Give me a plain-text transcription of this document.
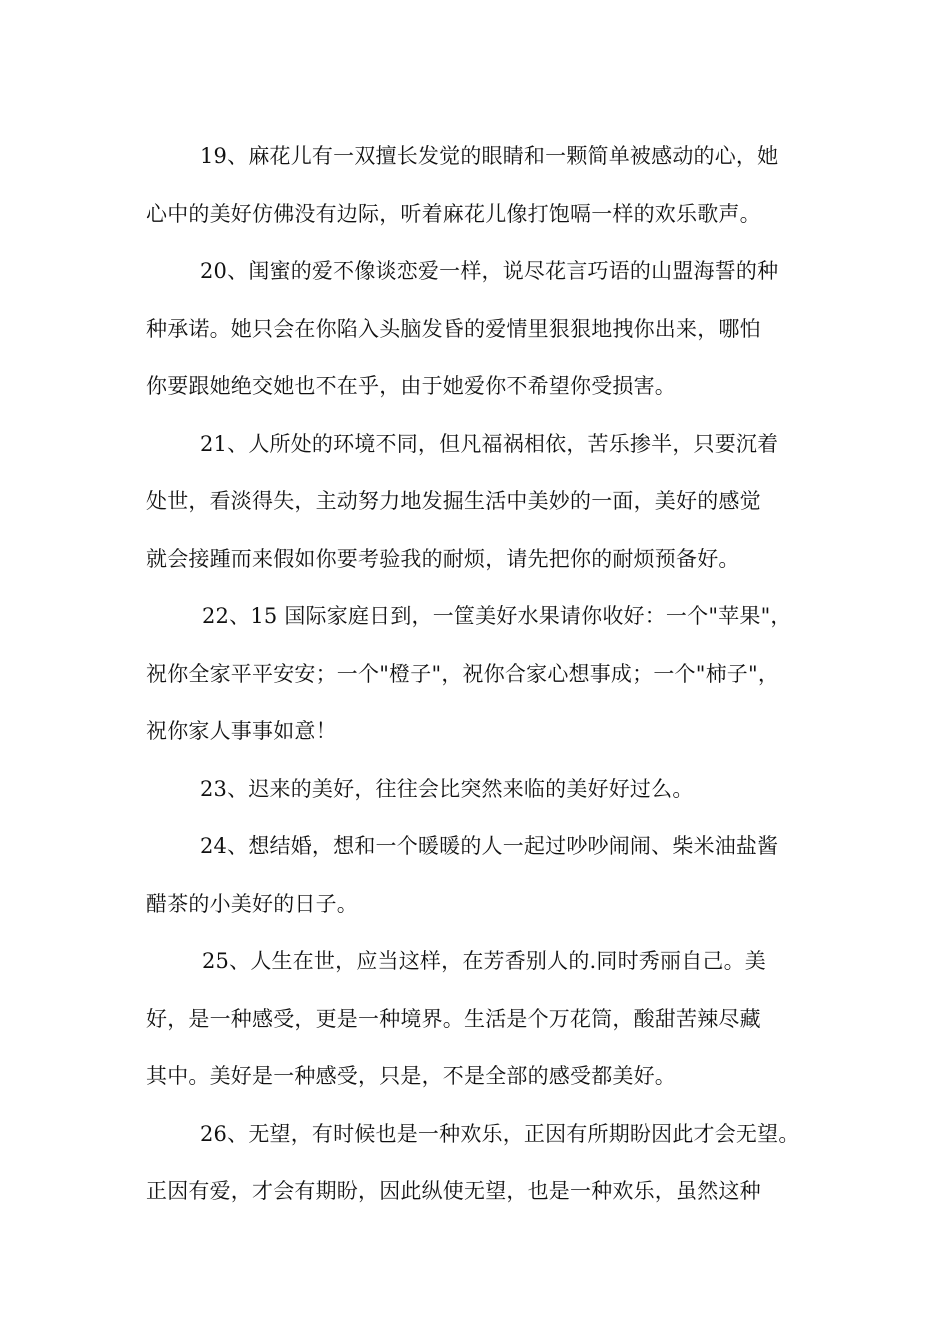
19、麻花儿有一双擅长发觉的眼睛和一颗简单被感动的心，她
心中的美好仿佛没有边际，听着麻花儿像打饱嗝一样的欢乐歌声。
20、闺蜜的爱不像谈恋爱一样，说尽花言巧语的山盟海誓的种
种承诺。她只会在你陷入头脑发昏的爱情里狠狠地拽你出来，哪怕
你要跟她绝交她也不在乎，由于她爱你不希望你受损害。
21、人所处的环境不同，但凡福祸相依，苦乐掺半，只要沉着
处世，看淡得失，主动努力地发掘生活中美妙的一面，美好的感觉
就会接踵而来假如你要考验我的耐烦，请先把你的耐烦预备好。
22、15 国际家庭日到，一筐美好水果请你收好：一个"苹果"，
祝你全家平平安安；一个"橙子"，祝你合家心想事成；一个"柿子"，
祝你家人事事如意！
23、迟来的美好，往往会比突然来临的美好好过么。
24、想结婚，想和一个暖暖的人一起过吵吵闹闹、柴米油盐酱
醋茶的小美好的日子。
25、人生在世，应当这样，在芳香别人的.同时秀丽自己。美
好，是一种感受，更是一种境界。生活是个万花筒，酸甜苦辣尽藏
其中。美好是一种感受，只是，不是全部的感受都美好。
26、无望，有时候也是一种欢乐，正因有所期盼因此才会无望。
正因有爱，才会有期盼，因此纵使无望，也是一种欢乐，虽然这种
